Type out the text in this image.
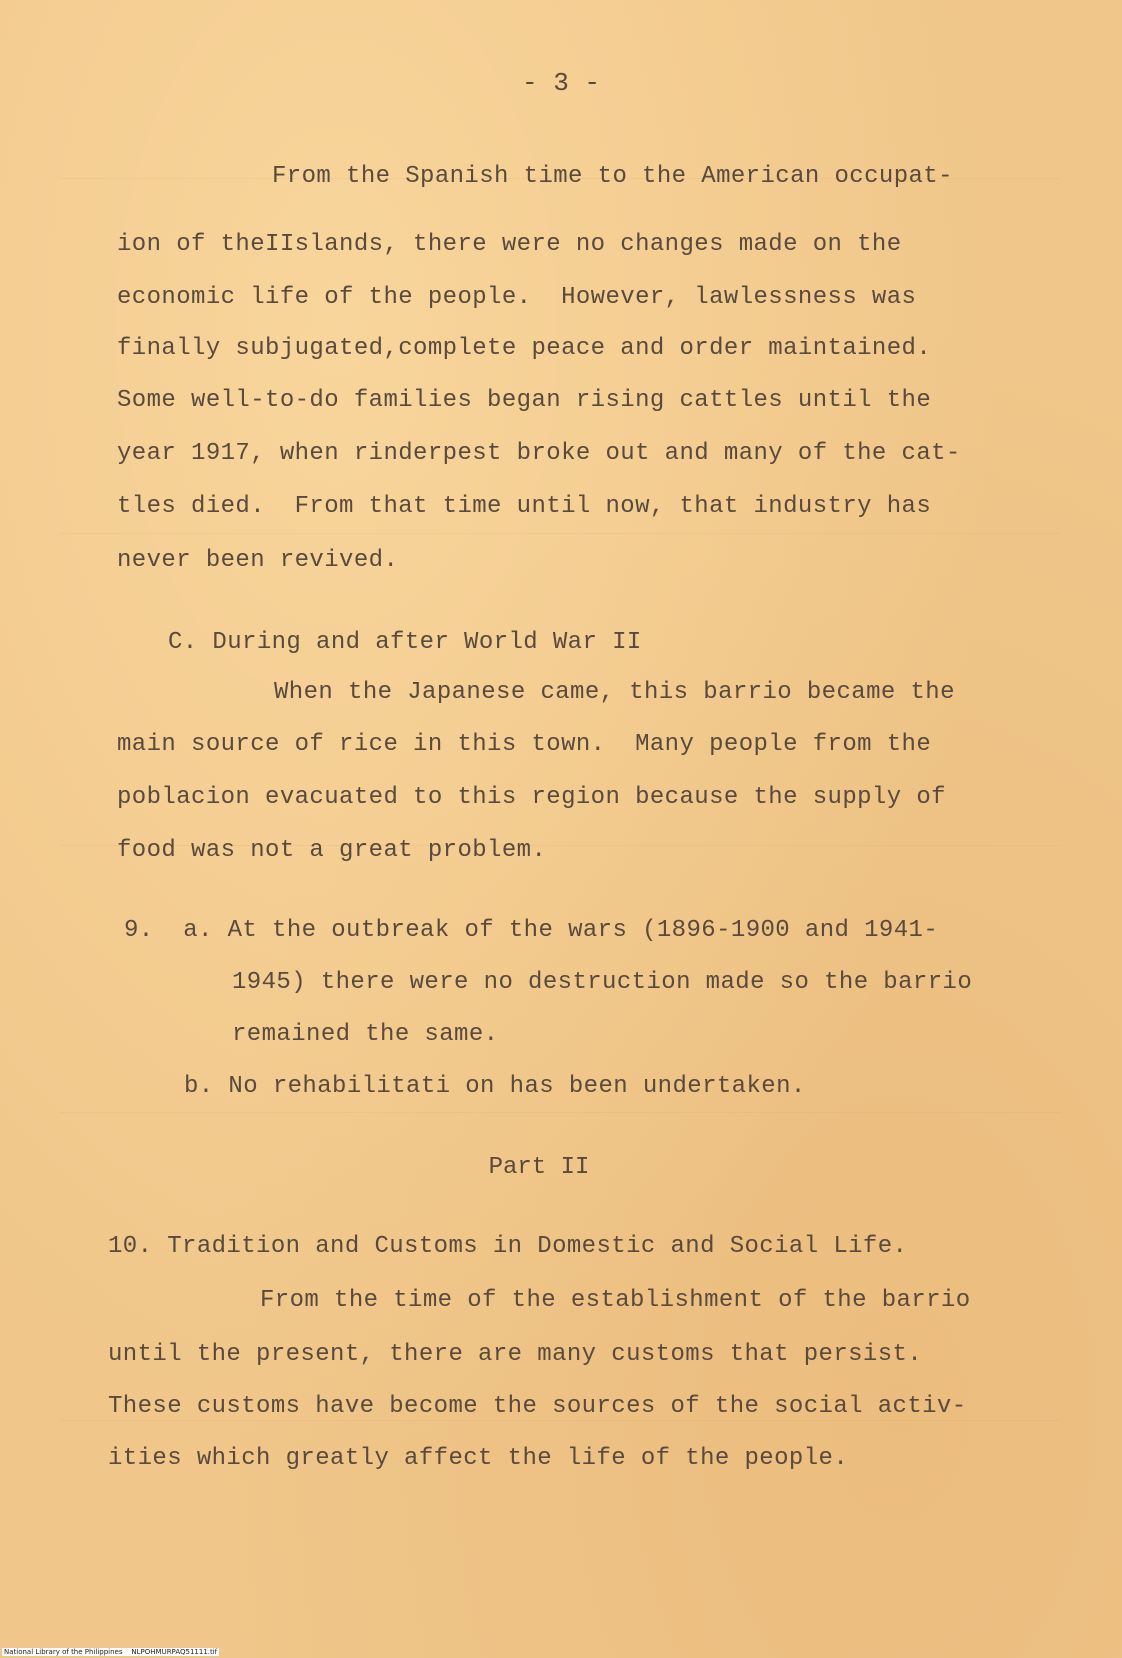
- 3 -
From the Spanish time to the American occupat-
ion of theIIslands, there were no changes made on the
economic life of the people.  However, lawlessness was
finally subjugated,complete peace and order maintained.
Some well-to-do families began rising cattles until the
year 1917, when rinderpest broke out and many of the cat-
tles died.  From that time until now, that industry has
never been revived.
C. During and after World War II
When the Japanese came, this barrio became the
main source of rice in this town.  Many people from the
poblacion evacuated to this region because the supply of
food was not a great problem.
9.  a. At the outbreak of the wars (1896-1900 and 1941-
1945) there were no destruction made so the barrio
remained the same.
b. No rehabilitati on has been undertaken.
Part II
10. Tradition and Customs in Domestic and Social Life.
From the time of the establishment of the barrio
until the present, there are many customs that persist.
These customs have become the sources of the social activ-
ities which greatly affect the life of the people.
National Library of the Philippines    NLPOHMURPAQ51111.tif
